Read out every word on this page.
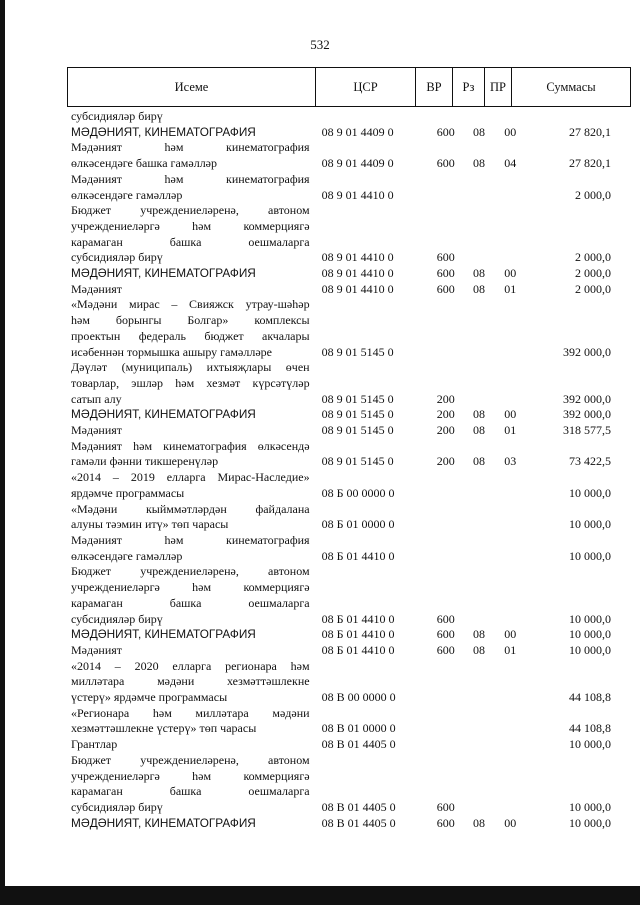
532
Исеме	ЦСР	ВР	Рз	ПР	Суммасы
субсидияләр бирү
МӘДӘНИЯТ, КИНЕМАТОГРАФИЯ	08 9 01 4409 0	600	08	00	27 820,1
Мәдәният һәм кинематография
өлкәсендәге башка гамәлләр	08 9 01 4409 0	600	08	04	27 820,1
Мәдәният һәм кинематография
өлкәсендәге гамәлләр	08 9 01 4410 0	2 000,0
Бюджет учреждениеләренә, автоном
учреждениеләргә һәм коммерциягә
карамаган башка оешмаларга
субсидияләр бирү	08 9 01 4410 0	600	2 000,0
МӘДӘНИЯТ, КИНЕМАТОГРАФИЯ	08 9 01 4410 0	600	08	00	2 000,0
Мәдәният	08 9 01 4410 0	600	08	01	2 000,0
«Мәдәни мирас – Свияжск утрау-шәһәр
һәм борынгы Болгар» комплексы
проектын федераль бюджет акчалары
исәбеннән тормышка ашыру гамәлләре	08 9 01 5145 0	392 000,0
Дәүләт (муниципаль) ихтыяҗлары өчен
товарлар, эшләр һәм хезмәт күрсәтүләр
сатып алу	08 9 01 5145 0	200	392 000,0
МӘДӘНИЯТ, КИНЕМАТОГРАФИЯ	08 9 01 5145 0	200	08	00	392 000,0
Мәдәният	08 9 01 5145 0	200	08	01	318 577,5
Мәдәният һәм кинематография өлкәсендә
гамәли фәнни тикшеренүләр	08 9 01 5145 0	200	08	03	73 422,5
«2014 – 2019 елларга Мирас-Наследие»
ярдәмче программасы	08 Б 00 0000 0	10 000,0
«Мәдәни кыйммәтләрдән файдалана
алуны тәэмин итү» төп чарасы	08 Б 01 0000 0	10 000,0
Мәдәният һәм кинематография
өлкәсендәге гамәлләр	08 Б 01 4410 0	10 000,0
Бюджет учреждениеләренә, автоном
учреждениеләргә һәм коммерциягә
карамаган башка оешмаларга
субсидияләр бирү	08 Б 01 4410 0	600	10 000,0
МӘДӘНИЯТ, КИНЕМАТОГРАФИЯ	08 Б 01 4410 0	600	08	00	10 000,0
Мәдәният	08 Б 01 4410 0	600	08	01	10 000,0
«2014 – 2020 елларга регионара һәм
милләтара мәдәни хезмәттәшлекне
үстерү» ярдәмче программасы	08 В 00 0000 0	44 108,8
«Регионара һәм милләтара мәдәни
хезмәттәшлекне үстерү» төп чарасы	08 В 01 0000 0	44 108,8
Грантлар	08 В 01 4405 0	10 000,0
Бюджет учреждениеләренә, автоном
учреждениеләргә һәм коммерциягә
карамаган башка оешмаларга
субсидияләр бирү	08 В 01 4405 0	600	10 000,0
МӘДӘНИЯТ, КИНЕМАТОГРАФИЯ	08 В 01 4405 0	600	08	00	10 000,0
